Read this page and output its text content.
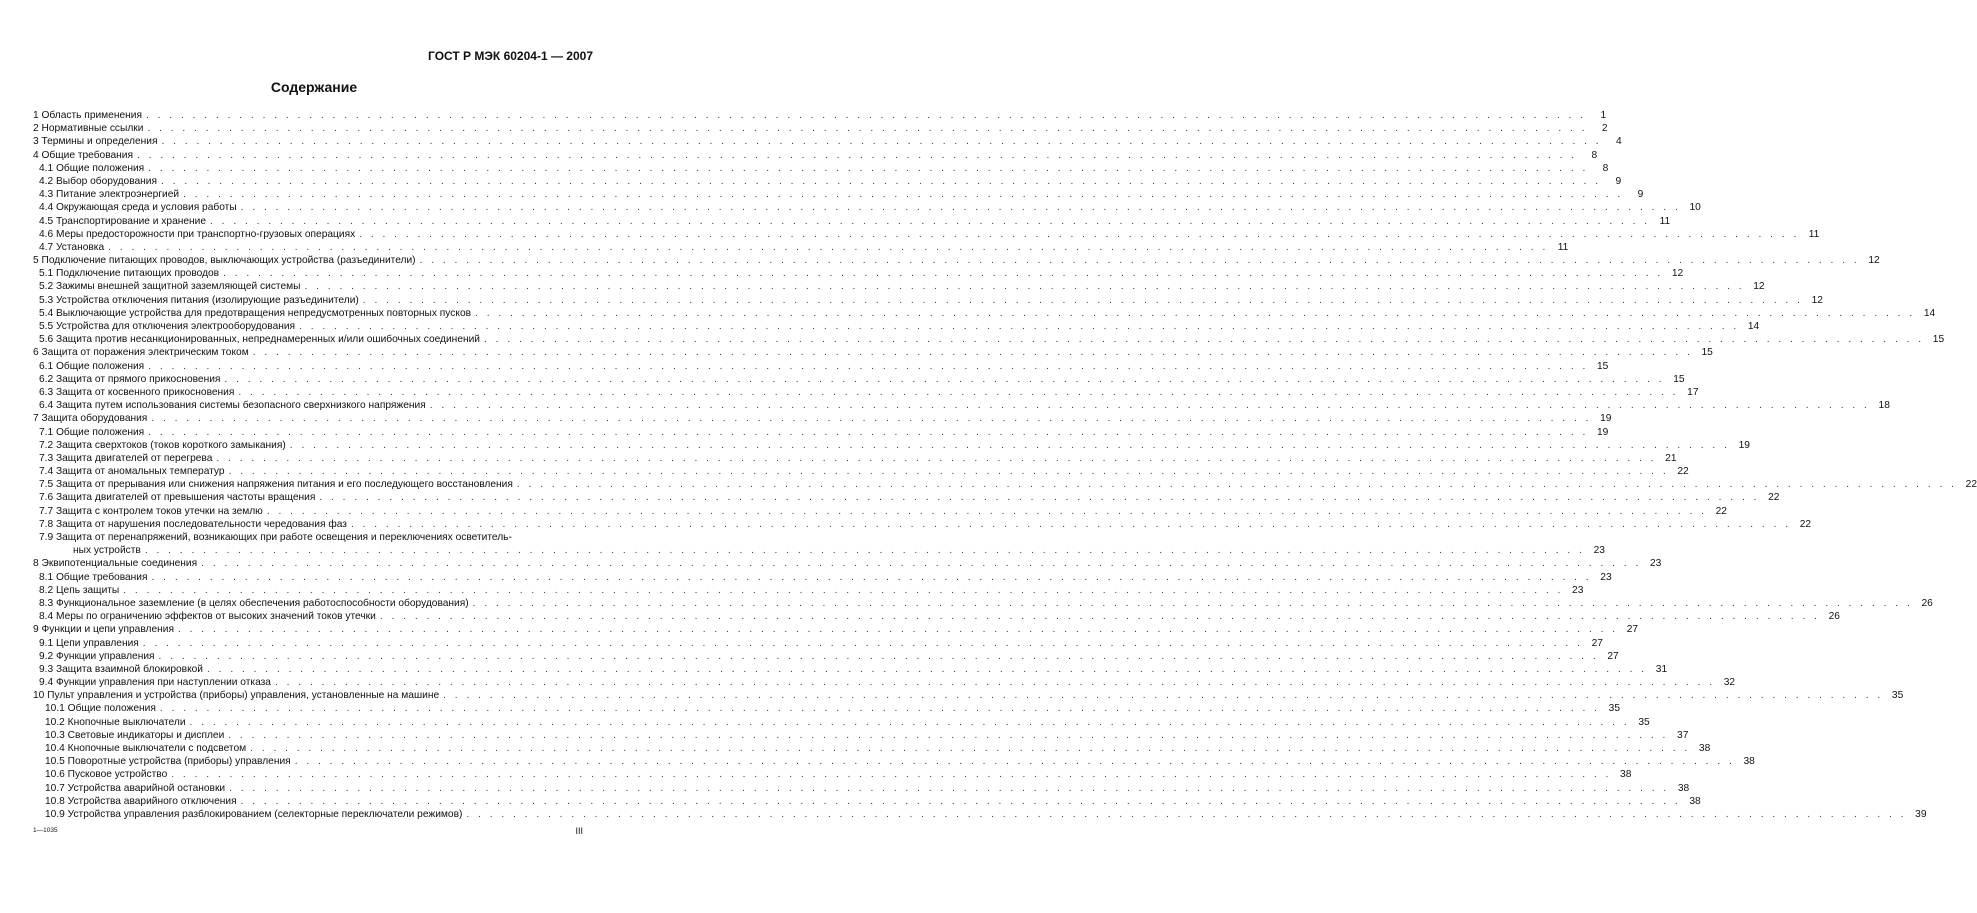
ГОСТ Р МЭК 60204-1 — 2007
Содержание
1 Область применения . . .	1
2 Нормативные ссылки . . .	2
3 Термины и определения . . .	4
4 Общие требования . . .	8
4.1 Общие положения . . .	8
4.2 Выбор оборудования . . .	9
4.3 Питание электроэнергией . . .	9
4.4 Окружающая среда и условия работы . . .	10
4.5 Транспортирование и хранение . . .	11
4.6 Меры предосторожности при транспортно-грузовых операциях . . .	11
4.7 Установка . . .	11
5 Подключение питающих проводов, выключающих устройства (разъединители) . . .	12
5.1 Подключение питающих проводов . . .	12
5.2 Зажимы внешней защитной заземляющей системы . . .	12
5.3 Устройства отключения питания (изолирующие разъединители) . . .	12
5.4 Выключающие устройства для предотвращения непредусмотренных повторных пусков . . .	14
5.5 Устройства для отключения электрооборудования . . .	14
5.6 Защита против несанкционированных, непреднамеренных и/или ошибочных соединений . . .	15
6 Защита от поражения электрическим током . . .	15
6.1 Общие положения . . .	15
6.2 Защита от прямого прикосновения . . .	15
6.3 Защита от косвенного прикосновения . . .	17
6.4 Защита путем использования системы безопасного сверхнизкого напряжения . . .	18
7 Защита оборудования . . .	19
7.1 Общие положения . . .	19
7.2 Защита сверхтоков (токов короткого замыкания) . . .	19
7.3 Защита двигателей от перегрева . . .	21
7.4 Защита от аномальных температур . . .	22
7.5 Защита от прерывания или снижения напряжения питания и его последующего восстановления . . .	22
7.6 Защита двигателей от превышения частоты вращения . . .	22
7.7 Защита с контролем токов утечки на землю . . .	22
7.8 Защита от нарушения последовательности чередования фаз . . .	22
7.9 Защита от перенапряжений, возникающих при работе освещения и переключениях осветитель-
ных устройств . . .	23
8 Эквипотенциальные соединения . . .	23
8.1 Общие требования . . .	23
8.2 Цепь защиты . . .	23
8.3 Функциональное заземление (в целях обеспечения работоспособности оборудования) . . .	26
8.4 Меры по ограничению эффектов от высоких значений токов утечки . . .	26
9 Функции и цепи управления . . .	27
9.1 Цепи управления . . .	27
9.2 Функции управления . . .	27
9.3 Защита взаимной блокировкой . . .	31
9.4 Функции управления при наступлении отказа . . .	32
10 Пульт управления и устройства (приборы) управления, установленные на машине . . .	35
10.1 Общие положения . . .	35
10.2 Кнопочные выключатели . . .	35
10.3 Световые индикаторы и дисплеи . . .	37
10.4 Кнопочные выключатели с подсветом . . .	38
10.5 Поворотные устройства (приборы) управления . . .	38
10.6 Пусковое устройство . . .	38
10.7 Устройства аварийной остановки . . .	38
10.8 Устройства аварийного отключения . . .	38
10.9 Устройства управления разблокированием (селекторные переключатели режимов) . . .	39
1—1035	III
